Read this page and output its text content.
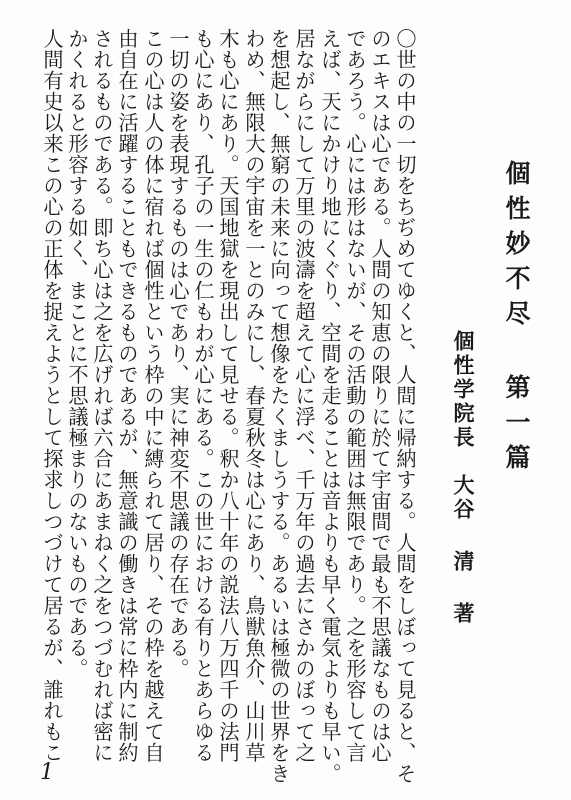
個性妙不尽 第一篇
個性学院長　大谷 清 著
〇世の中の一切をちぢめてゆくと、人間に帰納する。人間をしぼって見ると、そ
のエキスは心である。人間の知恵の限りに於て宇宙間で最も不思議なものは心
であろう。心には形はないが、その活動の範囲は無限であり。之を形容して言
えば、天にかけり地にくぐり、空間を走ることは音よりも早く電気よりも早い。
居ながらにして万里の波濤を超えて心に浮べ、千万年の過去にさかのぼって之
を想起し、無窮の未来に向って想像をたくましうする。あるいは極微の世界をき
わめ、無限大の宇宙を一とのみにし、春夏秋冬は心にあり、鳥獣魚介、山川草
木も心にあり。天国地獄を現出して見せる。釈か八十年の説法八万四千の法門
も心にあり、孔子の一生の仁もわが心にある。この世における有りとあらゆる
一切の姿を表現するものは心であり、実に神変不思議の存在である。
この心は人の体に宿れば個性という枠の中に縛られて居り、その枠を越えて自
由自在に活躍することもできるものであるが、無意識の働きは常に枠内に制約
されるものである。即ち心は之を広げれば六合にあまねく之をつづむれば密に
かくれると形容する如く、まことに不思議極まりのないものである。
人間有史以来この心の正体を捉えようとして探求しつづけて居るが、誰れもこ
1
